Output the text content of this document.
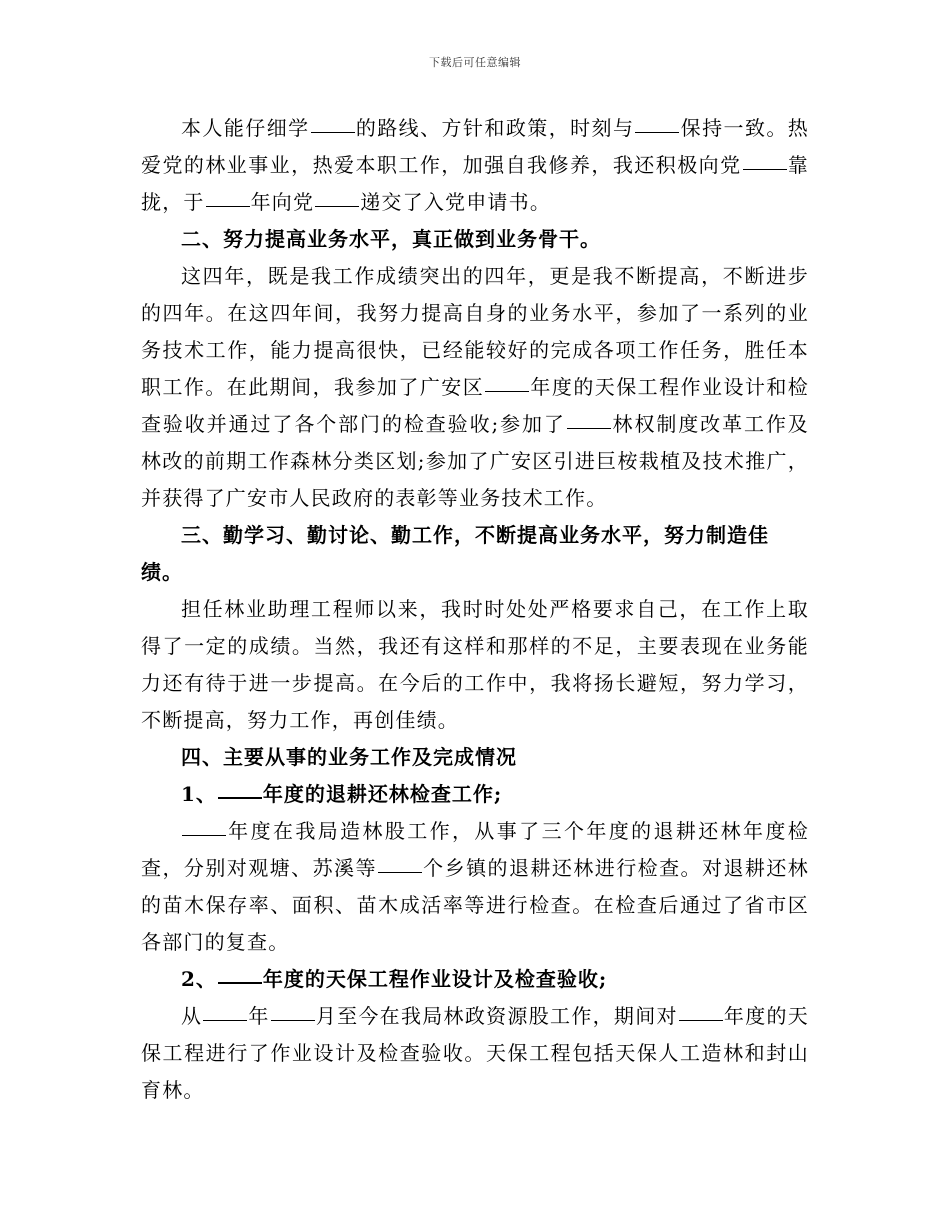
下载后可任意编辑

本人能仔细学 的路线、方针和政策，时刻与 保持一致。热爱党的林业事业，热爱本职工作，加强自我修养，我还积极向党 靠拢，于 年向党 递交了入党申请书。

二、努力提高业务水平，真正做到业务骨干。

这四年，既是我工作成绩突出的四年，更是我不断提高，不断进步的四年。在这四年间，我努力提高自身的业务水平，参加了一系列的业务技术工作，能力提高很快，已经能较好的完成各项工作任务，胜任本职工作。在此期间，我参加了广安区 年度的天保工程作业设计和检查验收并通过了各个部门的检查验收;参加了 林权制度改革工作及林改的前期工作森林分类区划;参加了广安区引进巨桉栽植及技术推广，并获得了广安市人民政府的表彰等业务技术工作。

三、勤学习、勤讨论、勤工作，不断提高业务水平，努力制造佳绩。

担任林业助理工程师以来，我时时处处严格要求自己，在工作上取得了一定的成绩。当然，我还有这样和那样的不足，主要表现在业务能力还有待于进一步提高。在今后的工作中，我将扬长避短，努力学习，不断提高，努力工作，再创佳绩。

四、主要从事的业务工作及完成情况

1、 年度的退耕还林检查工作;

年度在我局造林股工作，从事了三个年度的退耕还林年度检查，分别对观塘、苏溪等 个乡镇的退耕还林进行检查。对退耕还林的苗木保存率、面积、苗木成活率等进行检查。在检查后通过了省市区各部门的复查。

2、 年度的天保工程作业设计及检查验收;

从 年 月至今在我局林政资源股工作，期间对 年度的天保工程进行了作业设计及检查验收。天保工程包括天保人工造林和封山育林。
